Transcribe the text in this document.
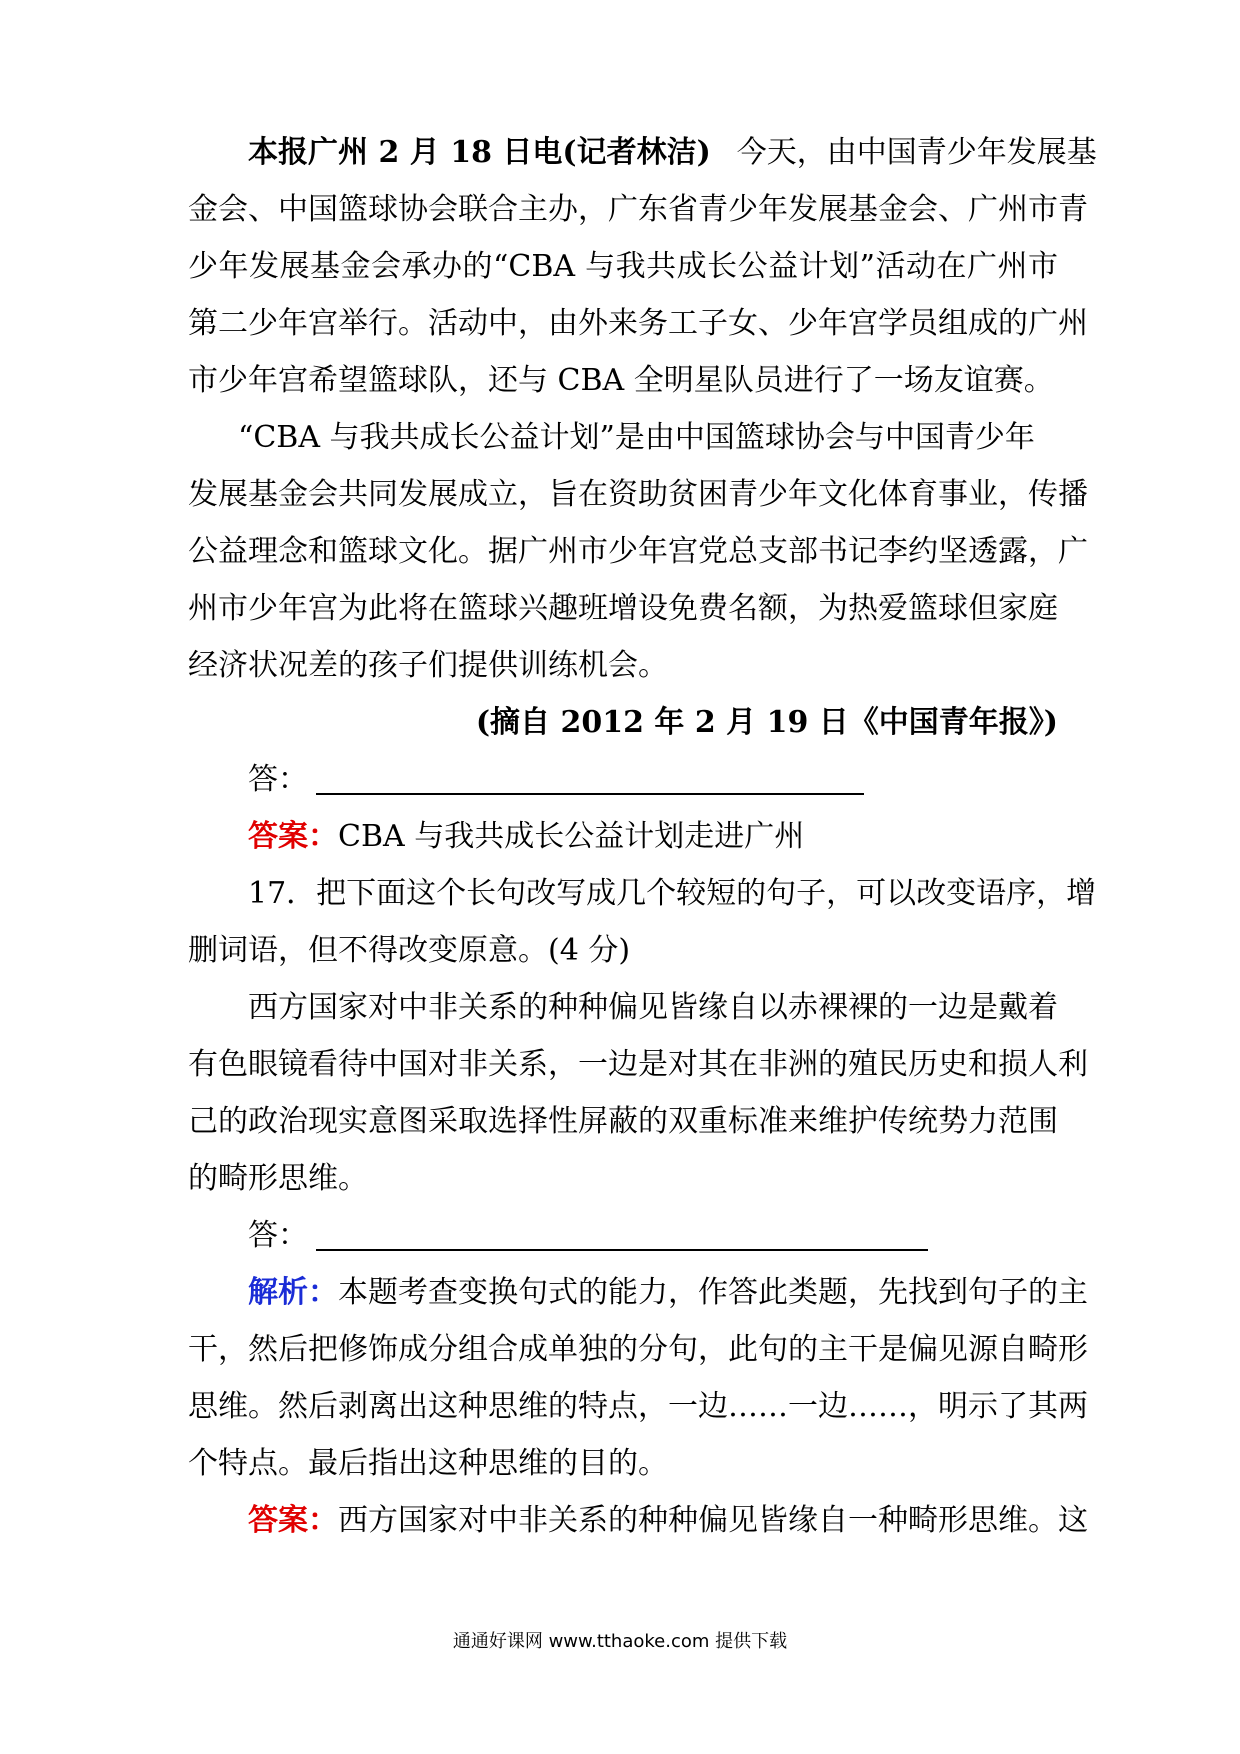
本报广州 2 月 18 日电(记者林洁) 今天，由中国青少年发展基
金会、中国篮球协会联合主办，广东省青少年发展基金会、广州市青
少年发展基金会承办的“CBA 与我共成长公益计划”活动在广州市
第二少年宫举行。活动中，由外来务工子女、少年宫学员组成的广州
市少年宫希望篮球队，还与 CBA 全明星队员进行了一场友谊赛。
“CBA 与我共成长公益计划”是由中国篮球协会与中国青少年
发展基金会共同发展成立，旨在资助贫困青少年文化体育事业，传播
公益理念和篮球文化。据广州市少年宫党总支部书记李约坚透露，广
州市少年宫为此将在篮球兴趣班增设免费名额，为热爱篮球但家庭
经济状况差的孩子们提供训练机会。
(摘自 2012 年 2 月 19 日《中国青年报》)
答：
答案：CBA 与我共成长公益计划走进广州
17．把下面这个长句改写成几个较短的句子，可以改变语序，增
删词语，但不得改变原意。(4 分)
西方国家对中非关系的种种偏见皆缘自以赤裸裸的一边是戴着
有色眼镜看待中国对非关系，一边是对其在非洲的殖民历史和损人利
己的政治现实意图采取选择性屏蔽的双重标准来维护传统势力范围
的畸形思维。
答：
解析：本题考查变换句式的能力，作答此类题，先找到句子的主
干，然后把修饰成分组合成单独的分句，此句的主干是偏见源自畸形
思维。然后剥离出这种思维的特点，一边……一边……，明示了其两
个特点。最后指出这种思维的目的。
答案：西方国家对中非关系的种种偏见皆缘自一种畸形思维。这
通通好课网 www.tthaoke.com 提供下载
